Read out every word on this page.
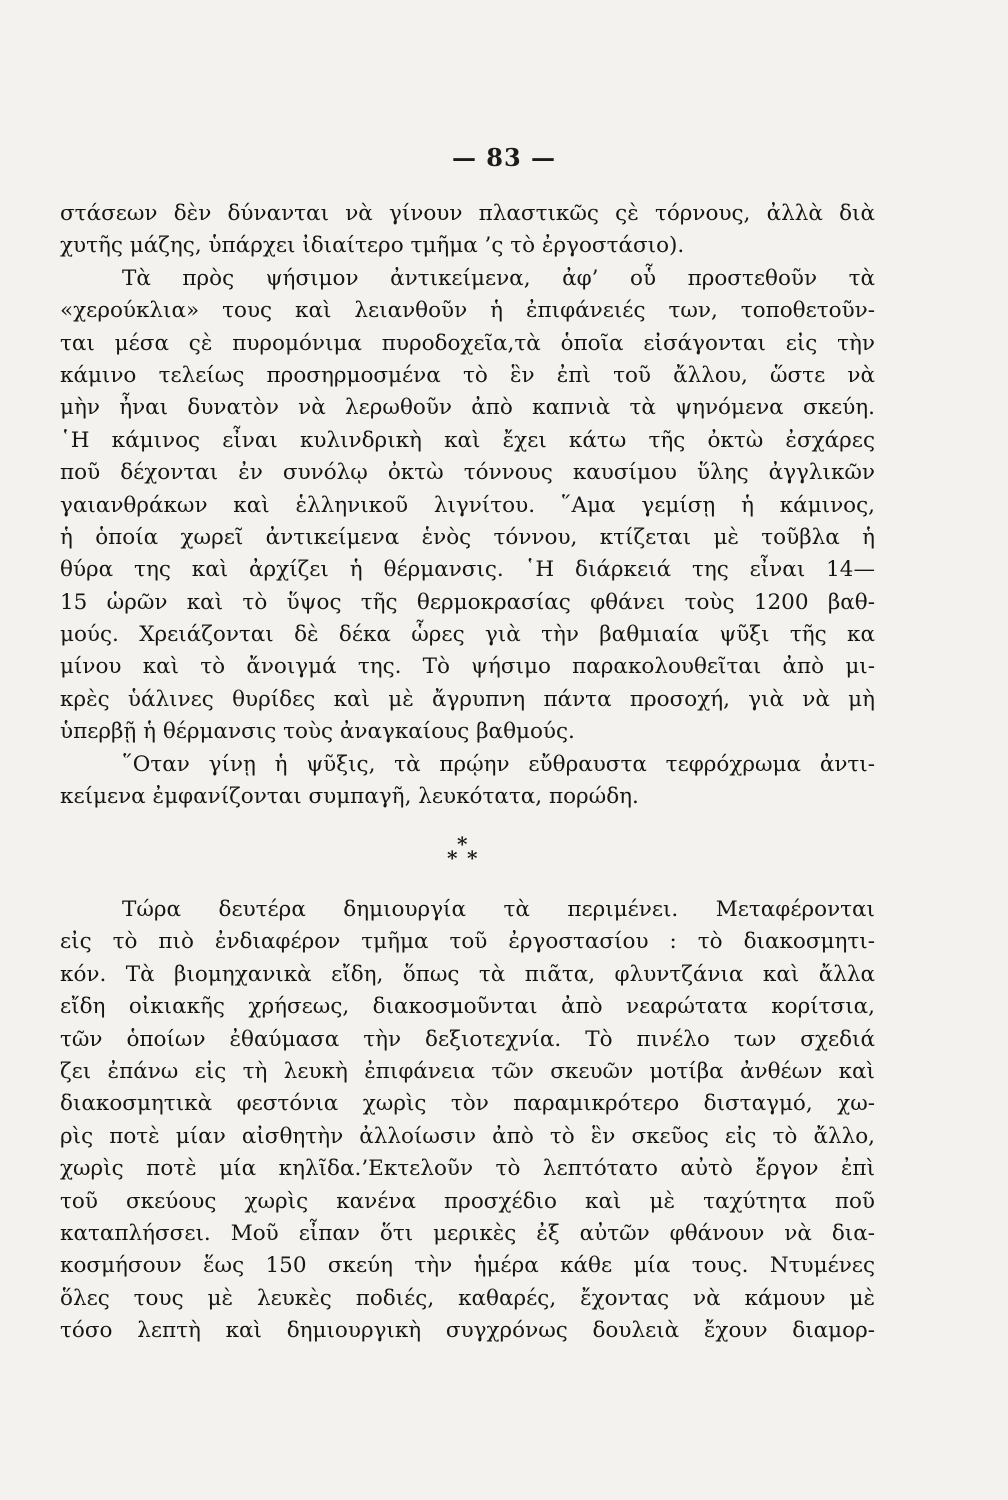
— 83 —
στάσεων δὲν δύνανται νὰ γίνουν πλαστικῶς ςὲ τόρνους, ἀλλὰ διὰ
χυτῆς μάζης, ὑπάρχει ἰδιαίτερο τμῆμα ’ς τὸ ἐργοστάσιο).
Τὰ πρὸς ψήσιμον ἀντικείμενα, ἀφ’ οὗ προστεθοῦν τὰ
«χερούκλια» τους καὶ λειανθοῦν ἡ ἐπιφάνειές των, τοποθετοῦν-
ται μέσα ςὲ πυρομόνιμα πυροδοχεῖα,τὰ ὁποῖα εἰσάγονται εἰς τὴν
κάμινο τελείως προσηρμοσμένα τὸ ἓν ἐπὶ τοῦ ἄλλου, ὥστε νὰ
μὴν ἦναι δυνατὸν νὰ λερωθοῦν ἀπὸ καπνιὰ τὰ ψηνόμενα σκεύη.
῾Η κάμινος εἶναι κυλινδρικὴ καὶ ἔχει κάτω τῆς ὀκτὼ ἐσχάρες
ποῦ δέχονται ἐν συνόλῳ ὀκτὼ τόννους καυσίμου ὕλης ἀγγλικῶν
γαιανθράκων καὶ ἑλληνικοῦ λιγνίτου. ῞Αμα γεμίσῃ ἡ κάμινος,
ἡ ὁποία χωρεῖ ἀντικείμενα ἑνὸς τόννου, κτίζεται μὲ τοῦβλα ἡ
θύρα της καὶ ἀρχίζει ἡ θέρμανσις. ῾Η διάρκειά της εἶναι 14—
15 ὡρῶν καὶ τὸ ὕψος τῆς θερμοκρασίας φθάνει τοὺς 1200 βαθ-
μούς. Χρειάζονται δὲ δέκα ὧρες γιὰ τὴν βαθμιαία ψῦξι τῆς κα
μίνου καὶ τὸ ἄνοιγμά της. Τὸ ψήσιμο παρακολουθεῖται ἀπὸ μι-
κρὲς ὑάλινες θυρίδες καὶ μὲ ἄγρυπνη πάντα προσοχή, γιὰ νὰ μὴ
ὑπερβῇ ἡ θέρμανσις τοὺς ἀναγκαίους βαθμούς.
῞Οταν γίνῃ ἡ ψῦξις, τὰ πρῴην εὔθραυστα τεφρόχρωμα ἀντι-
κείμενα ἐμφανίζονται συμπαγῆ, λευκότατα, πορώδη.
*
* *
Τώρα δευτέρα δημιουργία τὰ περιμένει. Μεταφέρονται
εἰς τὸ πιὸ ἐνδιαφέρον τμῆμα τοῦ ἐργοστασίου : τὸ διακοσμητι-
κόν. Τὰ βιομηχανικὰ εἴδη, ὅπως τὰ πιᾶτα, φλυντζάνια καὶ ἄλλα
εἴδη οἰκιακῆς χρήσεως, διακοσμοῦνται ἀπὸ νεαρώτατα κορίτσια,
τῶν ὁποίων ἐθαύμασα τὴν δεξιοτεχνία. Τὸ πινέλο των σχεδιά
ζει ἐπάνω εἰς τὴ λευκὴ ἐπιφάνεια τῶν σκευῶν μοτίβα ἀνθέων καὶ
διακοσμητικὰ φεστόνια χωρὶς τὸν παραμικρότερο δισταγμό, χω-
ρὶς ποτὲ μίαν αἰσθητὴν ἀλλοίωσιν ἀπὸ τὸ ἓν σκεῦος εἰς τὸ ἄλλο,
χωρὶς ποτὲ μία κηλῖδα.’Εκτελοῦν τὸ λεπτότατο αὐτὸ ἔργον ἐπὶ
τοῦ σκεύους χωρὶς κανένα προσχέδιο καὶ μὲ ταχύτητα ποῦ
καταπλήσσει. Μοῦ εἶπαν ὅτι μερικὲς ἐξ αὐτῶν φθάνουν νὰ δια-
κοσμήσουν ἕως 150 σκεύη τὴν ἡμέρα κάθε μία τους. Ντυμένες
ὅλες τους μὲ λευκὲς ποδιές, καθαρές, ἔχοντας νὰ κάμουν μὲ
τόσο λεπτὴ καὶ δημιουργικὴ συγχρόνως δουλειὰ ἔχουν διαμορ-
